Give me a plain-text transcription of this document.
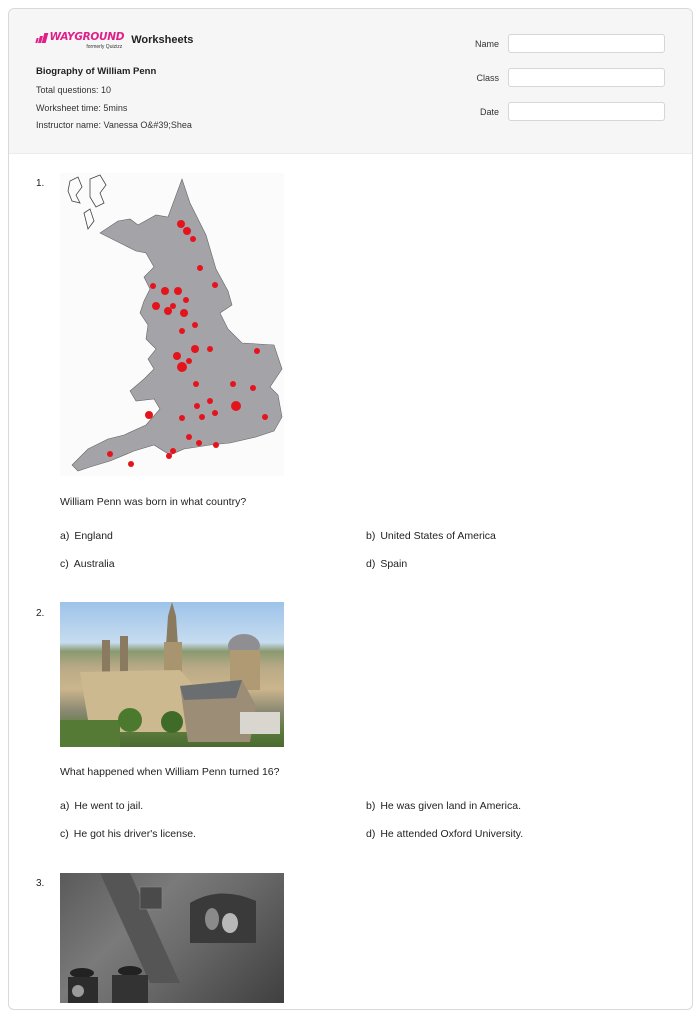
WAYGROUND
formerly Quizizz
Worksheets
Biography of William Penn
Total questions: 10
Worksheet time: 5mins
Instructor name: Vanessa O&#39;Shea
Name
Class
Date
1.
William Penn was born in what country?
a) England	b) United States of America
c) Australia	d) Spain
2.
What happened when William Penn turned 16?
a) He went to jail.	b) He was given land in America.
c) He got his driver's license.	d) He attended Oxford University.
3.
